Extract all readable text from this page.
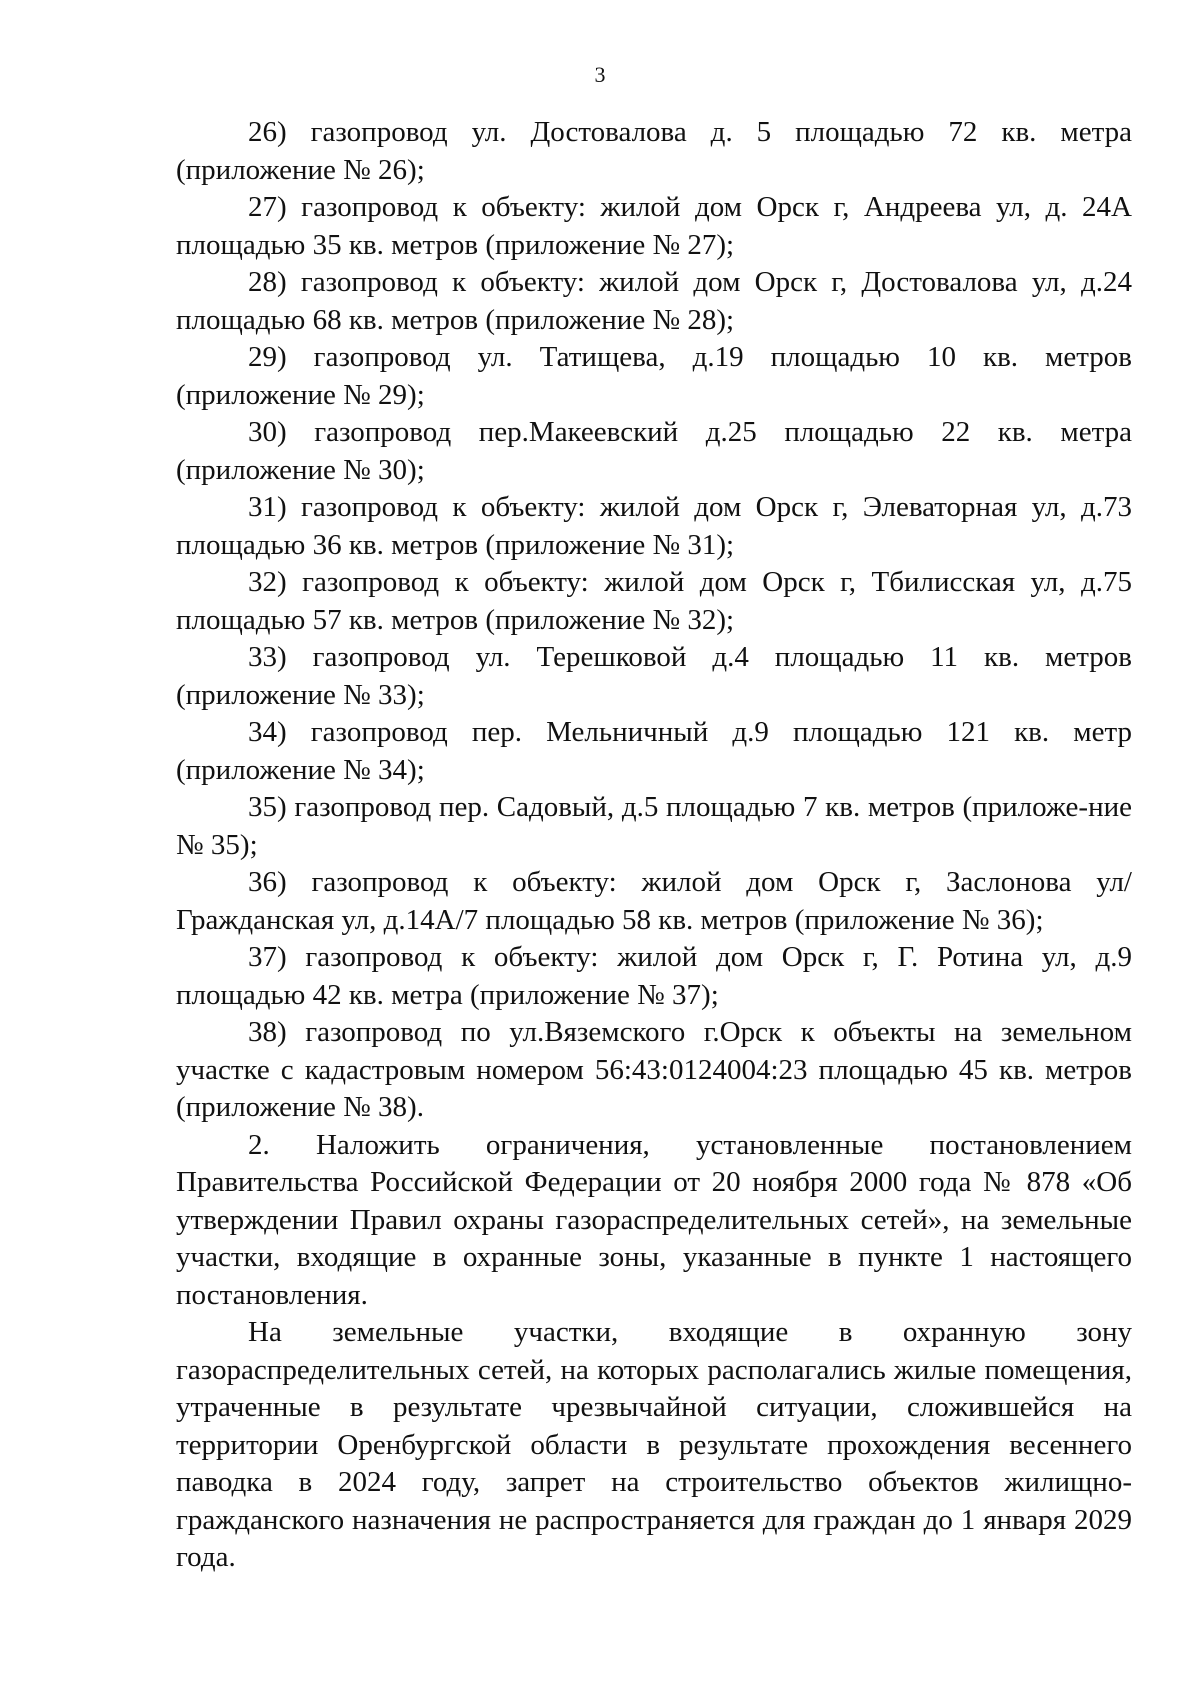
3

26) газопровод ул. Достовалова д. 5 площадью 72 кв. метра (приложение № 26);

27) газопровод к объекту: жилой дом Орск г, Андреева ул, д. 24А площадью 35 кв. метров (приложение № 27);

28) газопровод к объекту: жилой дом Орск г, Достовалова ул, д.24 площадью 68 кв. метров (приложение № 28);

29) газопровод ул. Татищева, д.19 площадью 10 кв. метров (приложение № 29);

30) газопровод пер.Макеевский д.25 площадью 22 кв. метра (приложение № 30);

31) газопровод к объекту: жилой дом Орск г, Элеваторная ул, д.73 площадью 36 кв. метров (приложение № 31);

32) газопровод к объекту: жилой дом Орск г, Тбилисская ул, д.75 площадью 57 кв. метров (приложение № 32);

33) газопровод ул. Терешковой д.4 площадью 11 кв. метров (приложение № 33);

34) газопровод пер. Мельничный д.9 площадью 121 кв. метр (приложение № 34);

35) газопровод пер. Садовый, д.5 площадью 7 кв. метров (приложе-ние № 35);

36) газопровод к объекту: жилой дом Орск г, Заслонова ул/ Гражданская ул, д.14А/7 площадью 58 кв. метров (приложение № 36);

37) газопровод к объекту: жилой дом Орск г, Г. Ротина ул, д.9 площадью 42 кв. метра (приложение № 37);

38) газопровод по ул.Вяземского г.Орск к объекты на земельном участке с кадастровым номером 56:43:0124004:23 площадью 45 кв. метров (приложение № 38).

2. Наложить ограничения, установленные постановлением Правительства Российской Федерации от 20 ноября 2000 года № 878 «Об утверждении Правил охраны газораспределительных сетей», на земельные участки, входящие в охранные зоны, указанные в пункте 1 настоящего постановления.

На земельные участки, входящие в охранную зону газораспределительных сетей, на которых располагались жилые помещения, утраченные в результате чрезвычайной ситуации, сложившейся на территории Оренбургской области в результате прохождения весеннего паводка в 2024 году, запрет на строительство объектов жилищно-гражданского назначения не распространяется для граждан до 1 января 2029 года.
